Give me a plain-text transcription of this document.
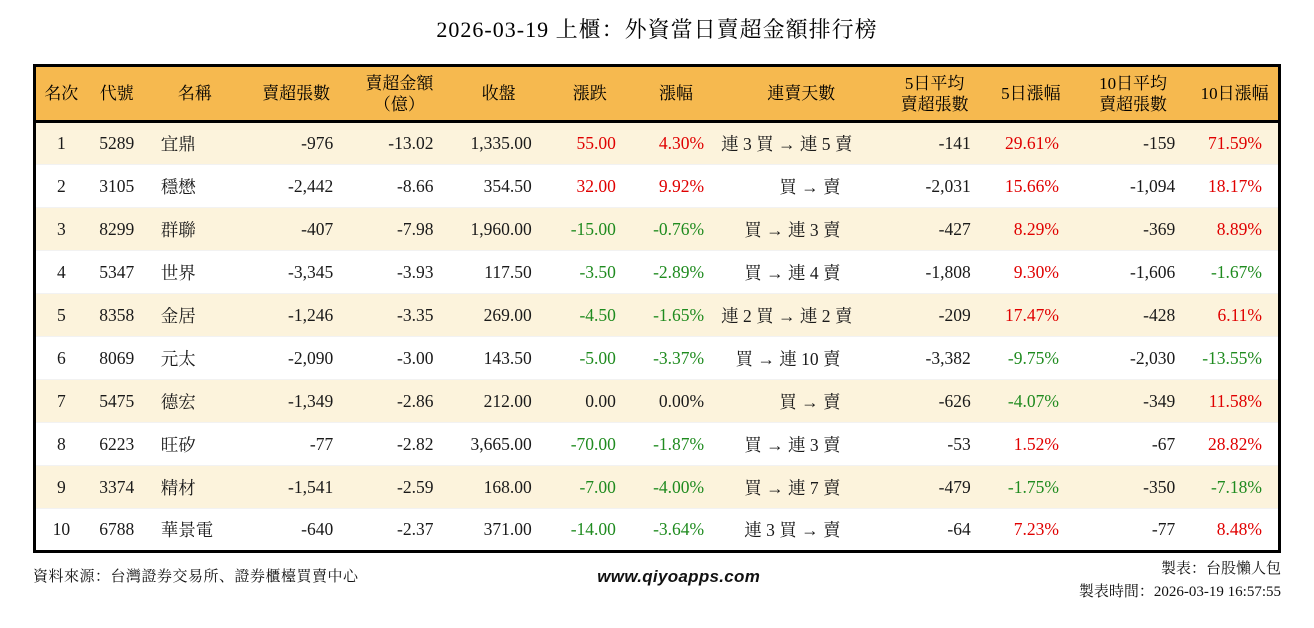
2026-03-19 上櫃：外資當日賣超金額排行榜
名次	代號	名稱	賣超張數

賣超金額
（億）

收盤	漲跌	漲幅	連賣天數

5日平均
賣超張數

5日漲幅

10日平均
賣超張數

10日漲幅

1	5289	宜鼎	-976	-13.02	1,335.00	55.00	4.30%	連 3 買 → 連 5 賣	-141	29.61%	-159	71.59%
2	3105	穩懋	-2,442	-8.66	354.50	32.00	9.92%	買 → 賣	-2,031	15.66%	-1,094	18.17%
3	8299	群聯	-407	-7.98	1,960.00	-15.00	-0.76%	買 → 連 3 賣	-427	8.29%	-369	8.89%
4	5347	世界	-3,345	-3.93	117.50	-3.50	-2.89%	買 → 連 4 賣	-1,808	9.30%	-1,606	-1.67%
5	8358	金居	-1,246	-3.35	269.00	-4.50	-1.65%	連 2 買 → 連 2 賣	-209	17.47%	-428	6.11%
6	8069	元太	-2,090	-3.00	143.50	-5.00	-3.37%	買 → 連 10 賣	-3,382	-9.75%	-2,030	-13.55%
7	5475	德宏	-1,349	-2.86	212.00	0.00	0.00%	買 → 賣	-626	-4.07%	-349	11.58%
8	6223	旺矽	-77	-2.82	3,665.00	-70.00	-1.87%	買 → 連 3 賣	-53	1.52%	-67	28.82%
9	3374	精材	-1,541	-2.59	168.00	-7.00	-4.00%	買 → 連 7 賣	-479	-1.75%	-350	-7.18%
10	6788	華景電	-640	-2.37	371.00	-14.00	-3.64%	連 3 買 → 賣	-64	7.23%	-77	8.48%
資料來源：台灣證券交易所、證券櫃檯買賣中心	www.qiyoapps.com	製表：台股懶人包
製表時間：2026-03-19 16:57:55
